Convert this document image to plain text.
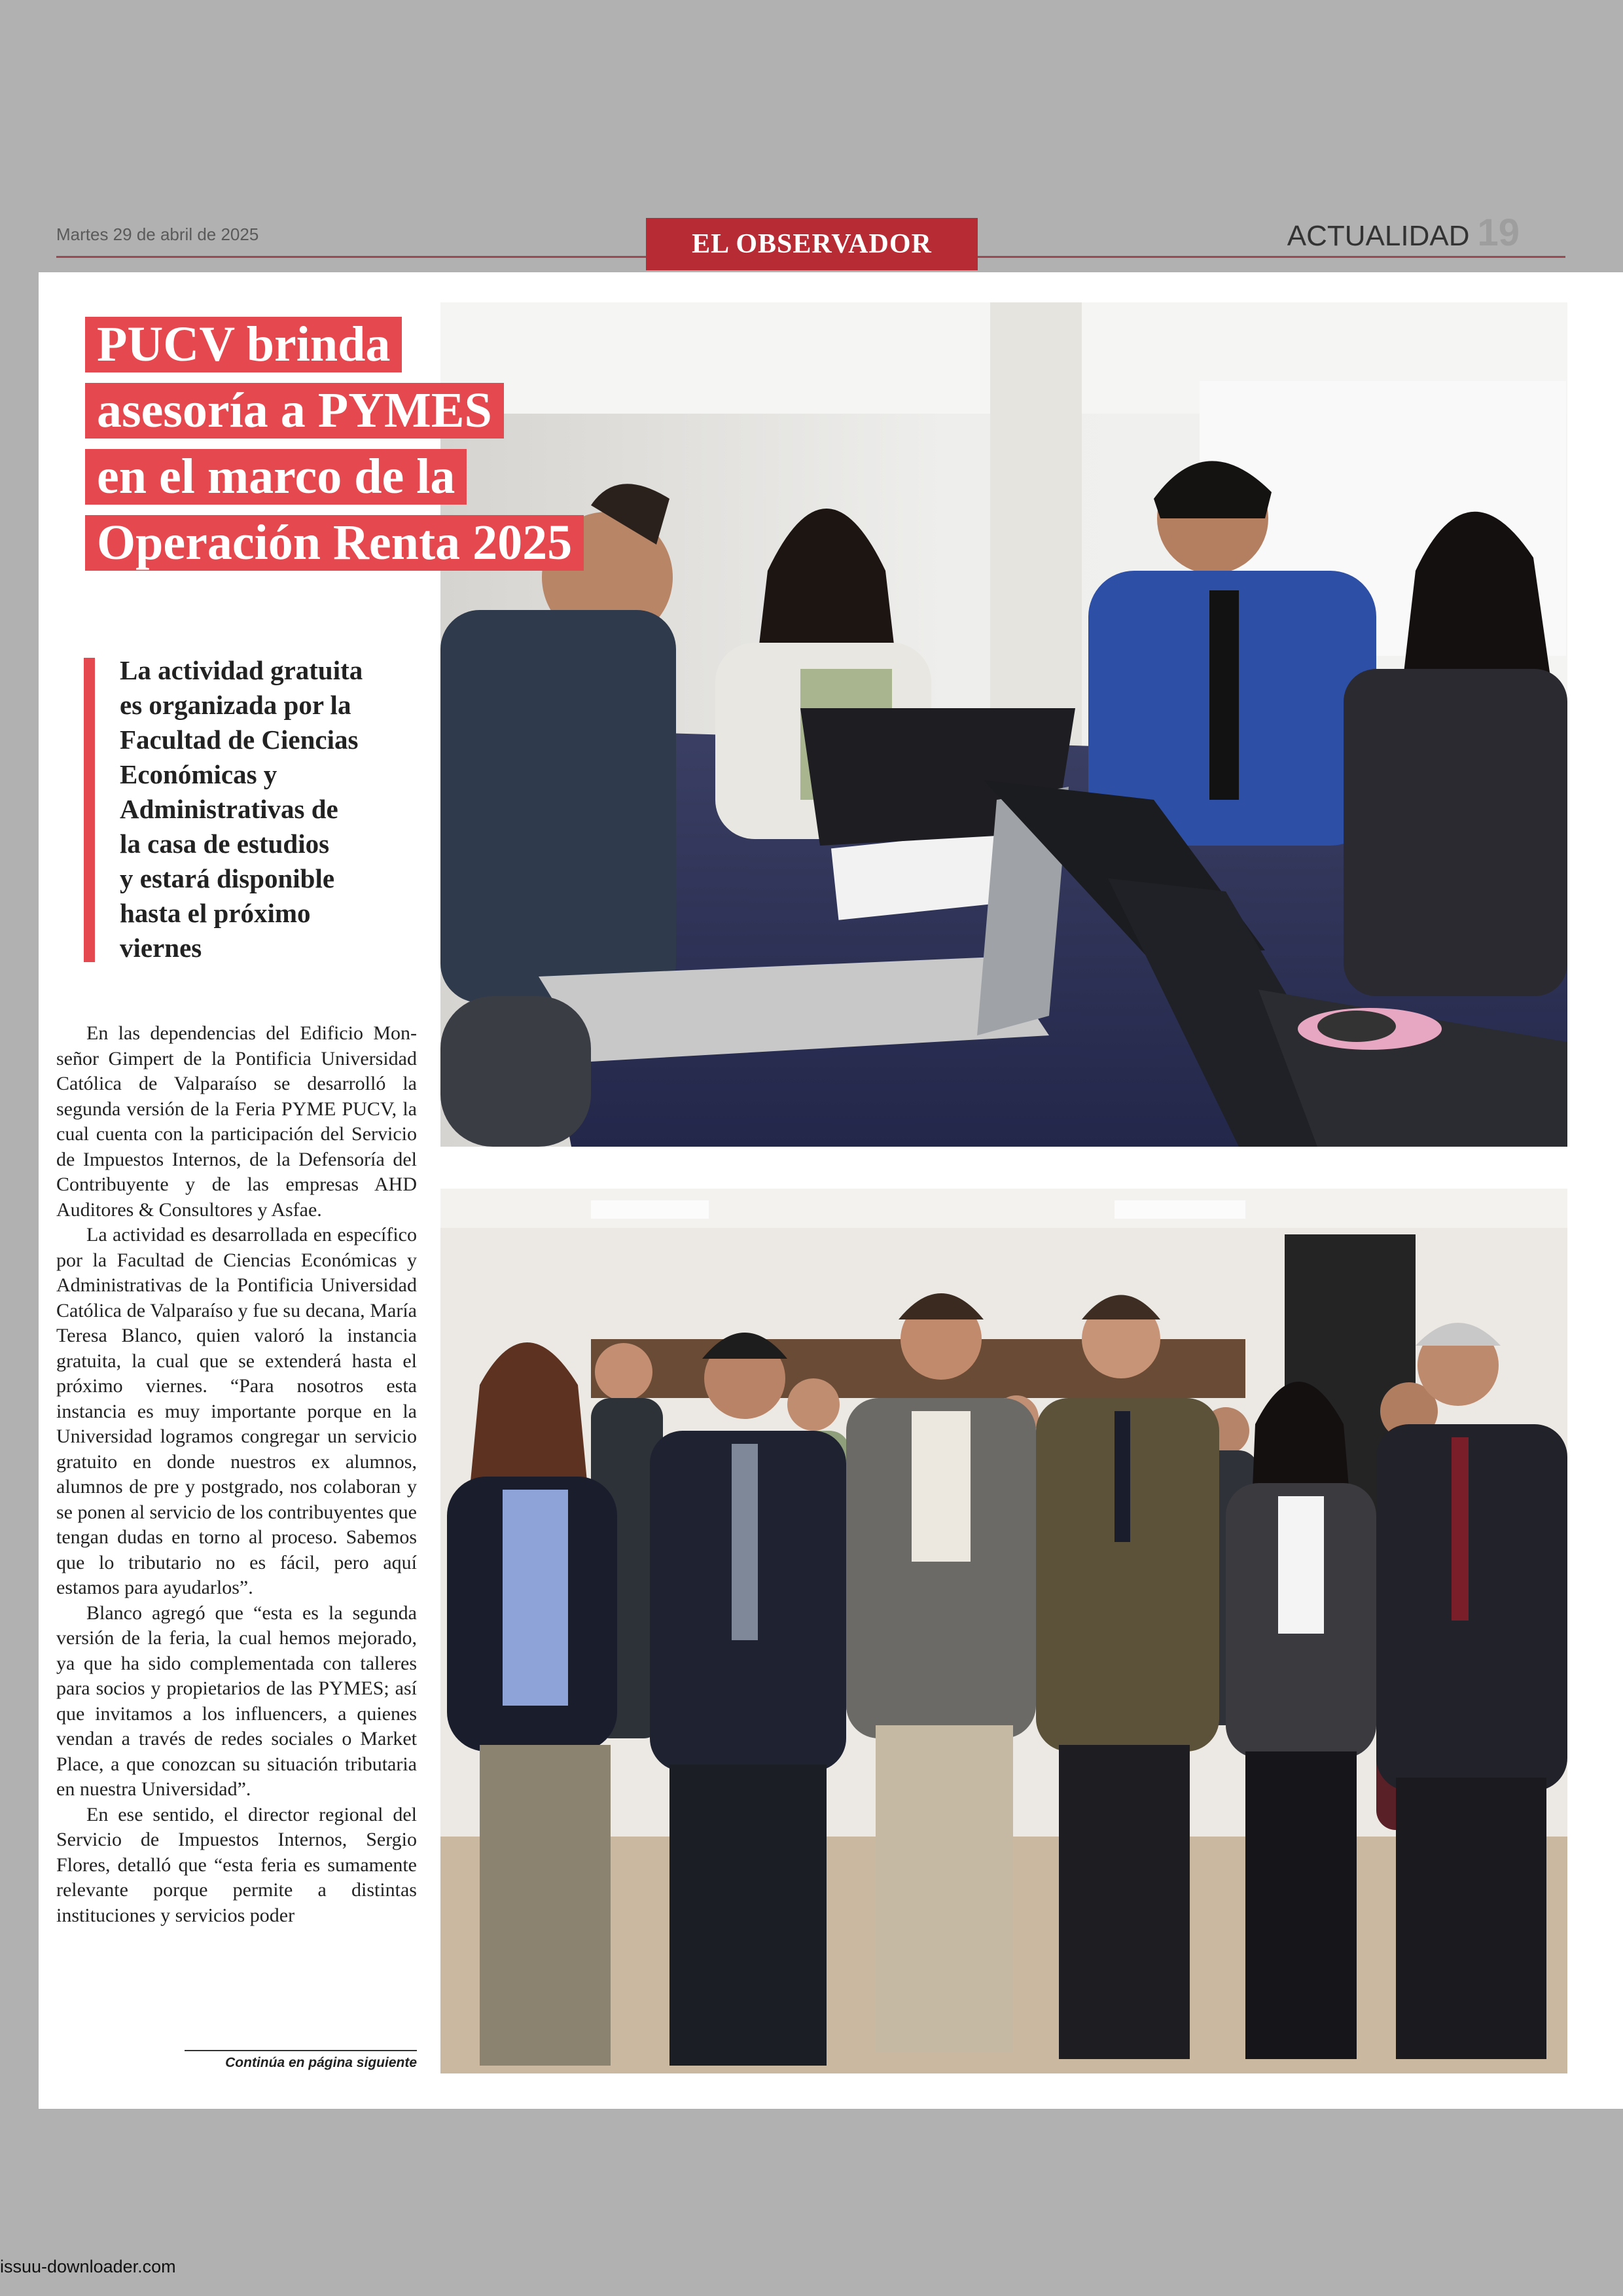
Martes 29 de abril de 2025	EL OBSERVADOR	ACTUALIDAD 19
PUCV brinda
asesoría a PYMES
en el marco de la
Operación Renta 2025
La actividad gratuita
es organizada por la
Facultad de Ciencias
Económicas y
Administrativas de
la casa de estudios
y estará disponible
hasta el próximo
viernes

En las dependencias del Edificio Monseñor Gimpert de la Pontificia Universidad Católica de Valparaíso se desarrolló la segunda versión de la Feria PYME PUCV, la cual cuenta con la participación del Servicio de Impuestos Internos, de la Defensoría del Contribuyente y de las empresas AHD Auditores & Consultores y Asfae.

La actividad es desarrollada en específico por la Facultad de Ciencias Económicas y Administrativas de la Pontificia Universidad Católica de Valparaíso y fue su decana, María Teresa Blanco, quien valoró la instancia gratuita, la cual que se extenderá hasta el próximo viernes. “Para nosotros esta instancia es muy importante porque en la Universidad logramos congregar un servicio gratuito en donde nuestros ex alumnos, alumnos de pre y postgrado, nos colaboran y se ponen al servicio de los contribuyentes que tengan dudas en torno al proceso. Sabemos que lo tributario no es fácil, pero aquí estamos para ayudarlos”.

Blanco agregó que “esta es la segunda versión de la feria, la cual hemos mejorado, ya que ha sido complementada con talleres para socios y propietarios de las PYMES; así que invitamos a los influencers, a quienes vendan a través de redes sociales o Market Place, a que conozcan su situación tributaria en nuestra Universidad”.

En ese sentido, el director regional del Servicio de Impuestos Internos, Sergio Flores, detalló que “esta feria es sumamente relevante porque permite a distintas instituciones y servicios poder

Continúa en página siguiente
issuu-downloader.com
